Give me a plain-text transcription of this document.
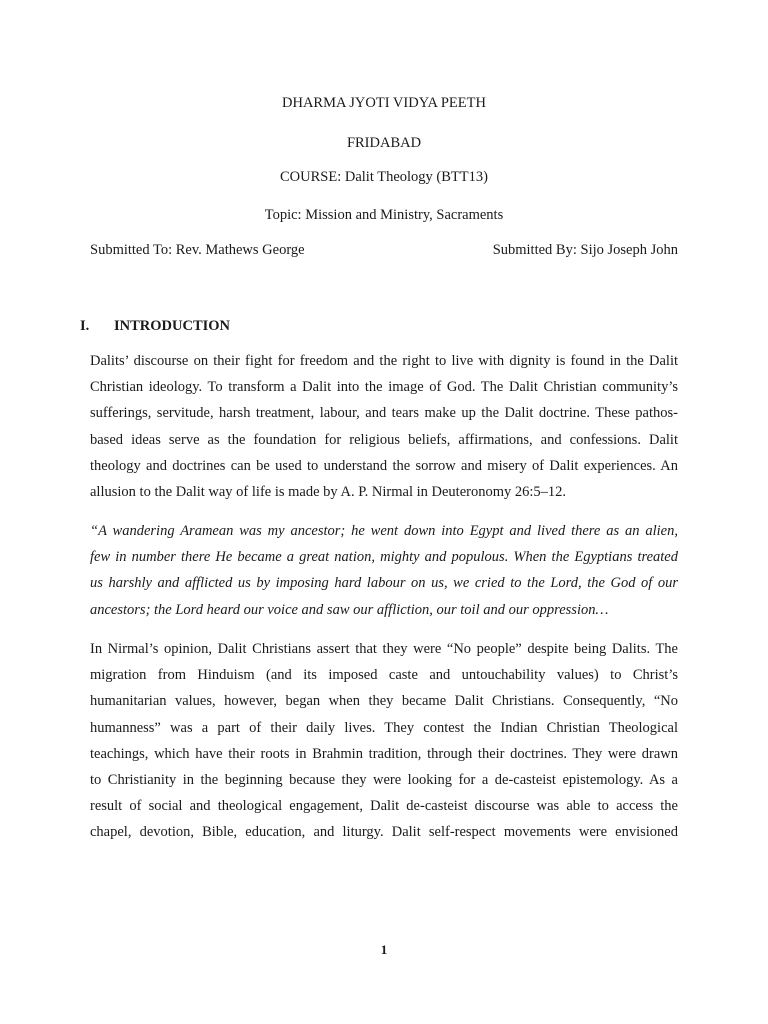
DHARMA JYOTI VIDYA PEETH
FRIDABAD
COURSE: Dalit Theology (BTT13)
Topic: Mission and Ministry, Sacraments
Submitted To: Rev. Mathews George	Submitted By: Sijo Joseph John
I.	INTRODUCTION
Dalits’ discourse on their fight for freedom and the right to live with dignity is found in the Dalit
Christian ideology. To transform a Dalit into the image of God. The Dalit Christian community’s
sufferings, servitude, harsh treatment, labour, and tears make up the Dalit doctrine. These pathos-
based ideas serve as the foundation for religious beliefs, affirmations, and confessions. Dalit
theology and doctrines can be used to understand the sorrow and misery of Dalit experiences. An
allusion to the Dalit way of life is made by A. P. Nirmal in Deuteronomy 26:5–12.
“A wandering Aramean was my ancestor; he went down into Egypt and lived there as an alien,
few in number there He became a great nation, mighty and populous. When the Egyptians treated
us harshly and afflicted us by imposing hard labour on us, we cried to the Lord, the God of our
ancestors; the Lord heard our voice and saw our affliction, our toil and our oppression…
In Nirmal’s opinion, Dalit Christians assert that they were “No people” despite being Dalits. The
migration from Hinduism (and its imposed caste and untouchability values) to Christ’s
humanitarian values, however, began when they became Dalit Christians. Consequently, “No
humanness” was a part of their daily lives. They contest the Indian Christian Theological
teachings, which have their roots in Brahmin tradition, through their doctrines. They were drawn
to Christianity in the beginning because they were looking for a de-casteist epistemology. As a
result of social and theological engagement, Dalit de-casteist discourse was able to access the
chapel, devotion, Bible, education, and liturgy. Dalit self-respect movements were envisioned
1
